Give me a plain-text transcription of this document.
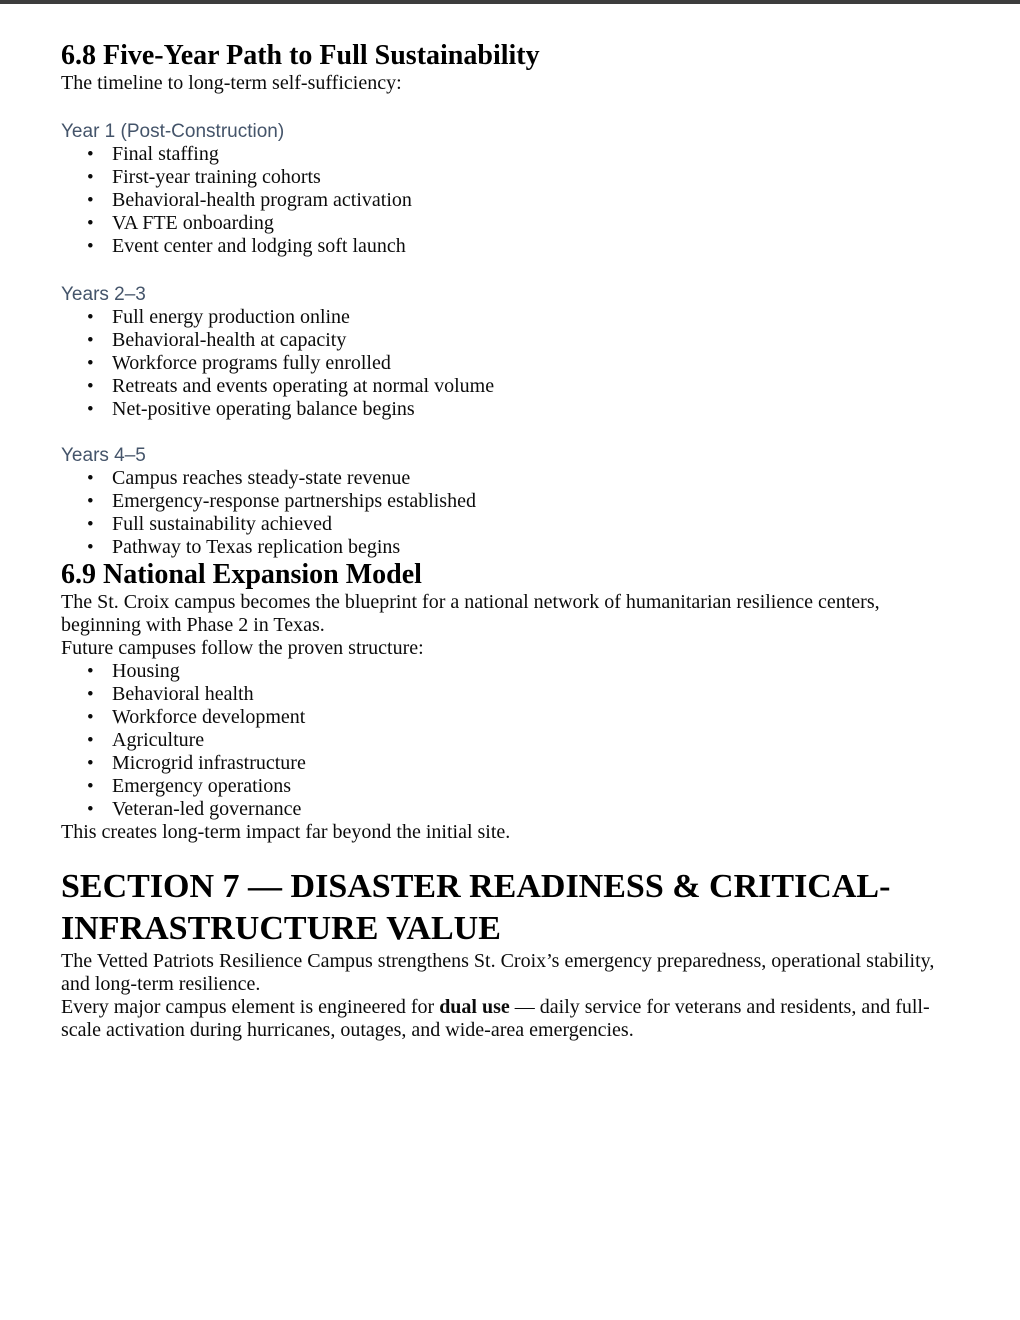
6.8 Five-Year Path to Full Sustainability

The timeline to long-term self-sufficiency:

Year 1 (Post-Construction)

• Final staffing
• First-year training cohorts
• Behavioral-health program activation
• VA FTE onboarding
• Event center and lodging soft launch

Years 2–3

• Full energy production online
• Behavioral-health at capacity
• Workforce programs fully enrolled
• Retreats and events operating at normal volume
• Net-positive operating balance begins

Years 4–5

• Campus reaches steady-state revenue
• Emergency-response partnerships established
• Full sustainability achieved
• Pathway to Texas replication begins
6.9 National Expansion Model

The St. Croix campus becomes the blueprint for a national network of humanitarian resilience centers, beginning with Phase 2 in Texas.
Future campuses follow the proven structure:

• Housing
• Behavioral health
• Workforce development
• Agriculture
• Microgrid infrastructure
• Emergency operations
• Veteran-led governance

This creates long-term impact far beyond the initial site.

SECTION 7 — DISASTER READINESS & CRITICAL-
INFRASTRUCTURE VALUE

The Vetted Patriots Resilience Campus strengthens St. Croix’s emergency preparedness, operational stability, and long-term resilience.

Every major campus element is engineered for dual use — daily service for veterans and residents, and full-scale activation during hurricanes, outages, and wide-area emergencies.
